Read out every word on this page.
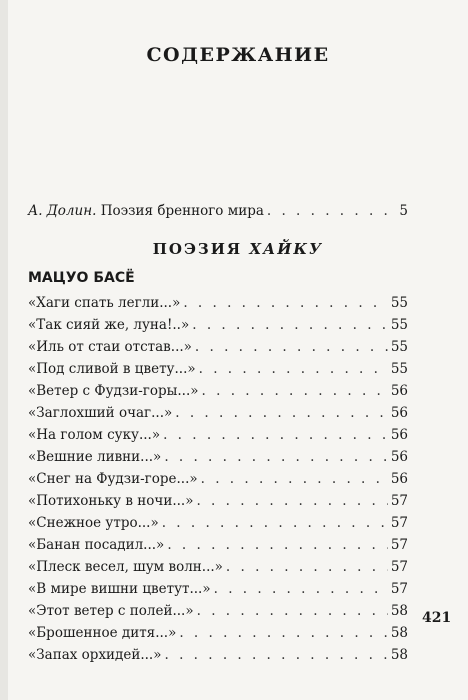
СОДЕРЖАНИЕ
А. Долин. Поэзия бренного мира . . .	5
ПОЭЗИЯ ХАЙКУ
МАЦУО БАСЁ
«Хаги спать легли...» . . .	55
«Так сияй же, луна!..» . . .	55
«Иль от стаи отстав...» . . .	55
«Под сливой в цвету...» . . .	55
«Ветер с Фудзи-горы...» . . .	56
«Заглохший очаг...» . . .	56
«На голом суку...» . . .	56
«Вешние ливни...» . . .	56
«Снег на Фудзи-горе...» . . .	56
«Потихоньку в ночи...» . . .	57
«Снежное утро...» . . .	57
«Банан посадил...» . . .	57
«Плеск весел, шум волн...» . . .	57
«В мире вишни цветут...» . . .	57
«Этот ветер с полей...» . . .	58
«Брошенное дитя...» . . .	58
«Запах орхидей...» . . .	58
421
